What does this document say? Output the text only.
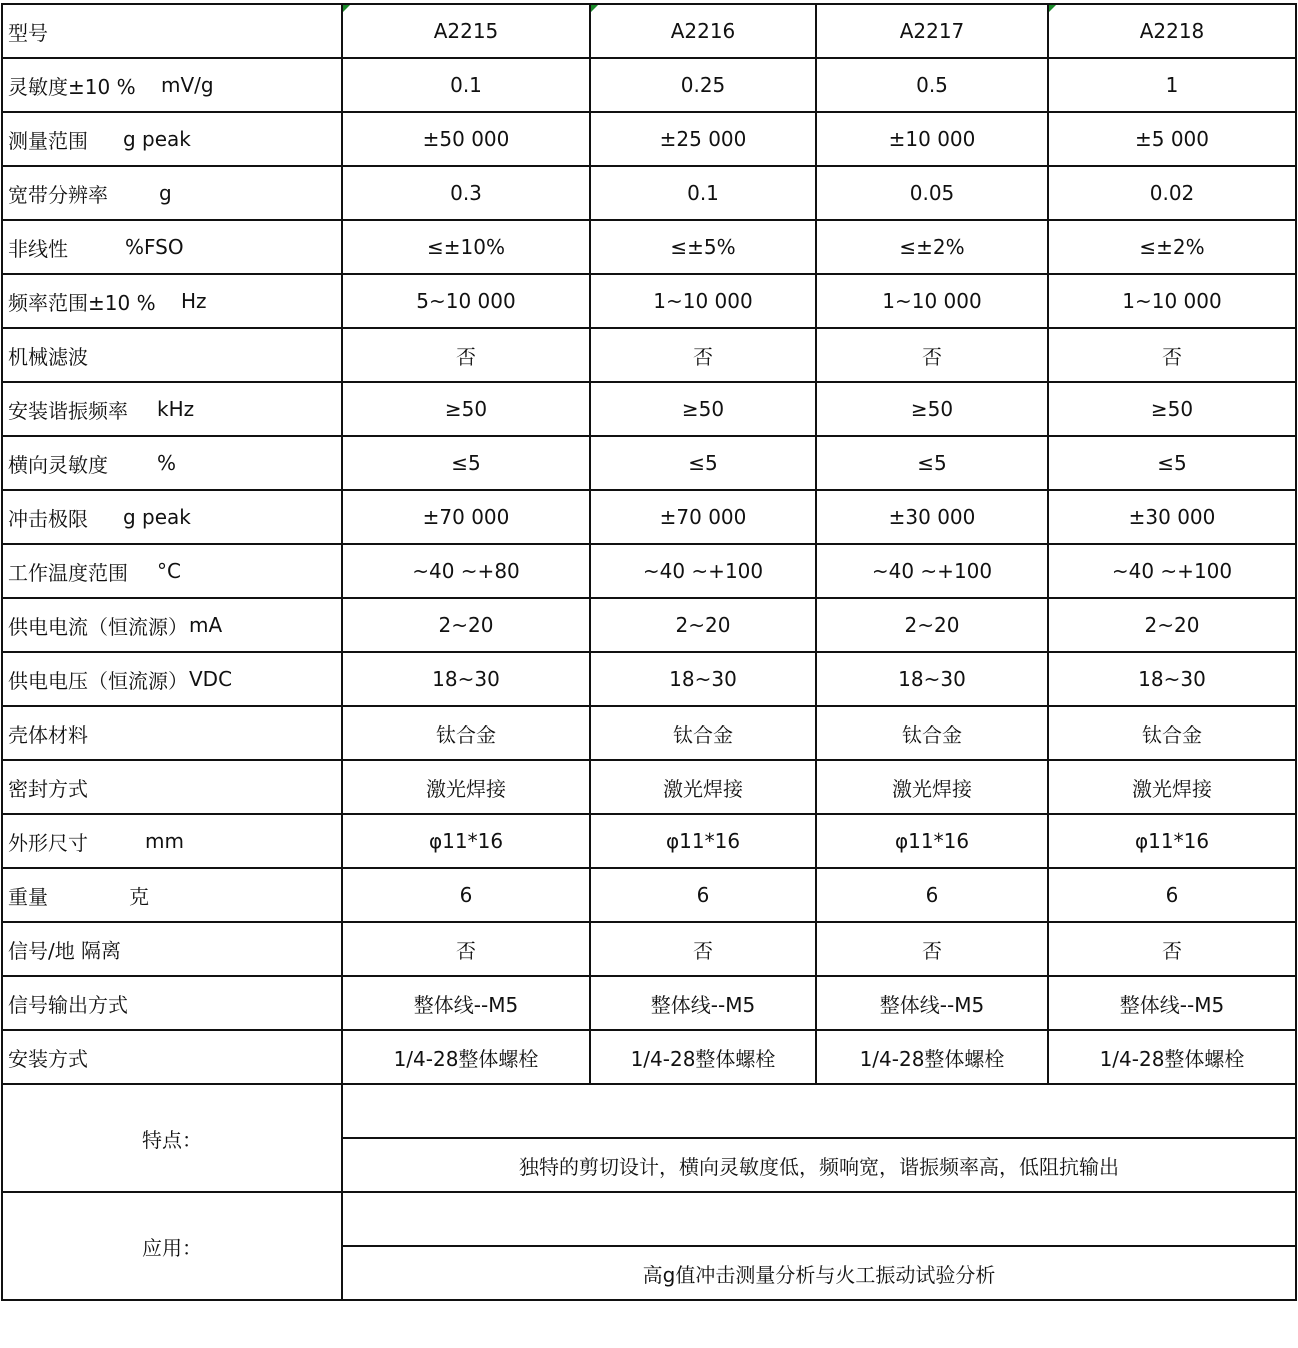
型号	A2215	A2216	A2217	A2218
灵敏度±10 % mV/g	0.1	0.25	0.5	1
测量范围 g peak	±50 000	±25 000	±10 000	±5 000
宽带分辨率 g	0.3	0.1	0.05	0.02
非线性 %FSO	≤±10%	≤±5%	≤±2%	≤±2%
频率范围±10 % Hz	5~10 000	1~10 000	1~10 000	1~10 000
机械滤波	否	否	否	否
安装谐振频率 kHz	≥50	≥50	≥50	≥50
横向灵敏度 %	≤5	≤5	≤5	≤5
冲击极限 g peak	±70 000	±70 000	±30 000	±30 000
工作温度范围 °C	~40 ~+80	~40 ~+100	~40 ~+100	~40 ~+100
供电电流（恒流源） mA	2~20	2~20	2~20	2~20
供电电压（恒流源） VDC	18~30	18~30	18~30	18~30
壳体材料	钛合金	钛合金	钛合金	钛合金
密封方式	激光焊接	激光焊接	激光焊接	激光焊接
外形尺寸 mm	φ11*16	φ11*16	φ11*16	φ11*16
重量 克	6	6	6	6
信号/地 隔离	否	否	否	否
信号输出方式	整体线--M5	整体线--M5	整体线--M5	整体线--M5
安装方式	1/4-28整体螺栓	1/4-28整体螺栓	1/4-28整体螺栓	1/4-28整体螺栓
特点：				
	独特的剪切设计，横向灵敏度低，频响宽，谐振频率高，低阻抗输出			
应用：				
	高g值冲击测量分析与火工振动试验分析			
